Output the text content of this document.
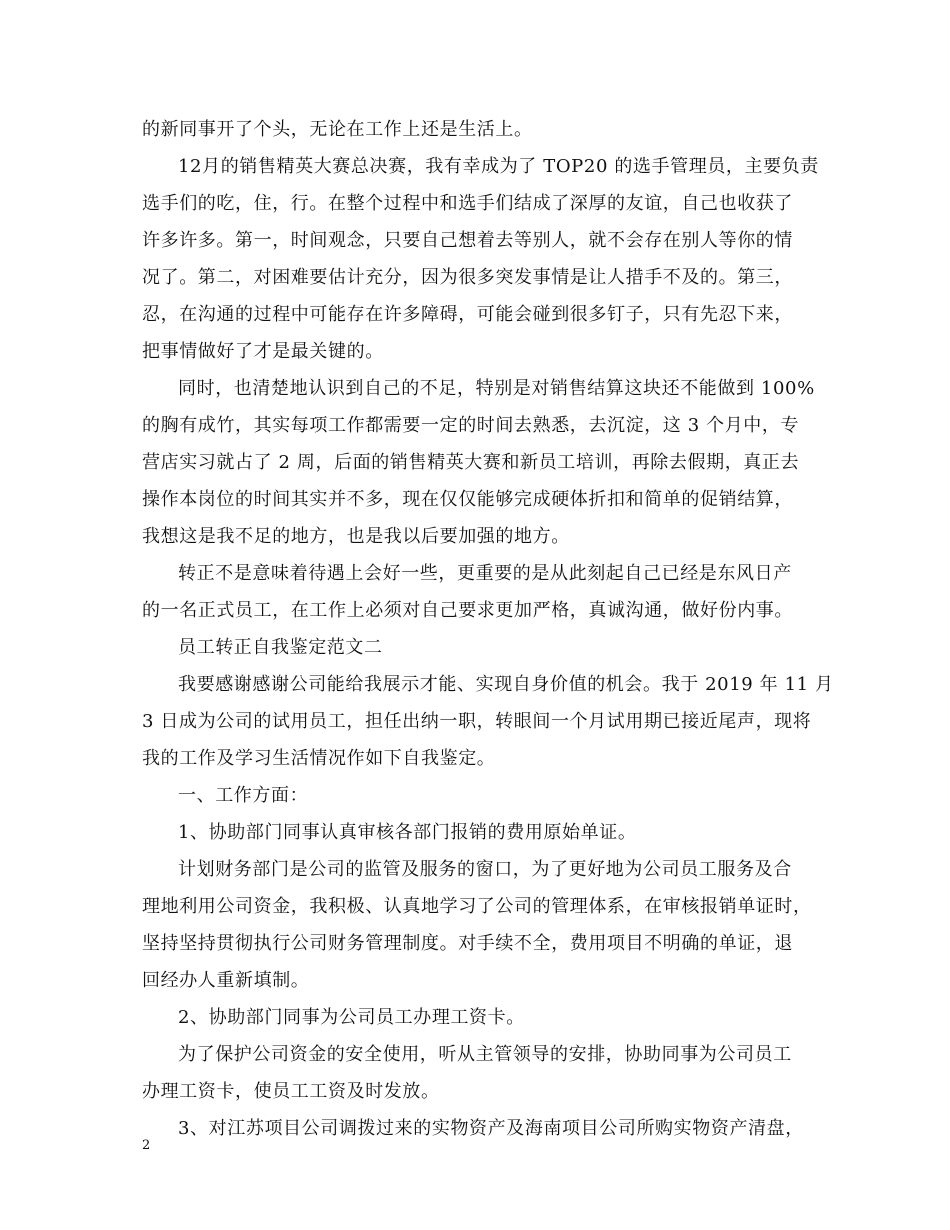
的新同事开了个头，无论在工作上还是生活上。
12月的销售精英大赛总决赛，我有幸成为了 TOP20 的选手管理员，主要负责
选手们的吃，住，行。在整个过程中和选手们结成了深厚的友谊，自己也收获了
许多许多。第一，时间观念，只要自己想着去等别人，就不会存在别人等你的情
况了。第二，对困难要估计充分，因为很多突发事情是让人措手不及的。第三，
忍，在沟通的过程中可能存在许多障碍，可能会碰到很多钉子，只有先忍下来，
把事情做好了才是最关键的。
同时，也清楚地认识到自己的不足，特别是对销售结算这块还不能做到 100%
的胸有成竹，其实每项工作都需要一定的时间去熟悉，去沉淀，这 3 个月中，专
营店实习就占了 2 周，后面的销售精英大赛和新员工培训，再除去假期，真正去
操作本岗位的时间其实并不多，现在仅仅能够完成硬体折扣和简单的促销结算，
我想这是我不足的地方，也是我以后要加强的地方。
转正不是意味着待遇上会好一些，更重要的是从此刻起自己已经是东风日产
的一名正式员工，在工作上必须对自己要求更加严格，真诚沟通，做好份内事。
员工转正自我鉴定范文二
我要感谢感谢公司能给我展示才能、实现自身价值的机会。我于 2019 年 11 月
3 日成为公司的试用员工，担任出纳一职，转眼间一个月试用期已接近尾声，现将
我的工作及学习生活情况作如下自我鉴定。
一、工作方面：
1、协助部门同事认真审核各部门报销的费用原始单证。
计划财务部门是公司的监管及服务的窗口，为了更好地为公司员工服务及合
理地利用公司资金，我积极、认真地学习了公司的管理体系，在审核报销单证时，
坚持坚持贯彻执行公司财务管理制度。对手续不全，费用项目不明确的单证，退
回经办人重新填制。
2、协助部门同事为公司员工办理工资卡。
为了保护公司资金的安全使用，听从主管领导的安排，协助同事为公司员工
办理工资卡，使员工工资及时发放。
3、对江苏项目公司调拨过来的实物资产及海南项目公司所购实物资产清盘，
2
